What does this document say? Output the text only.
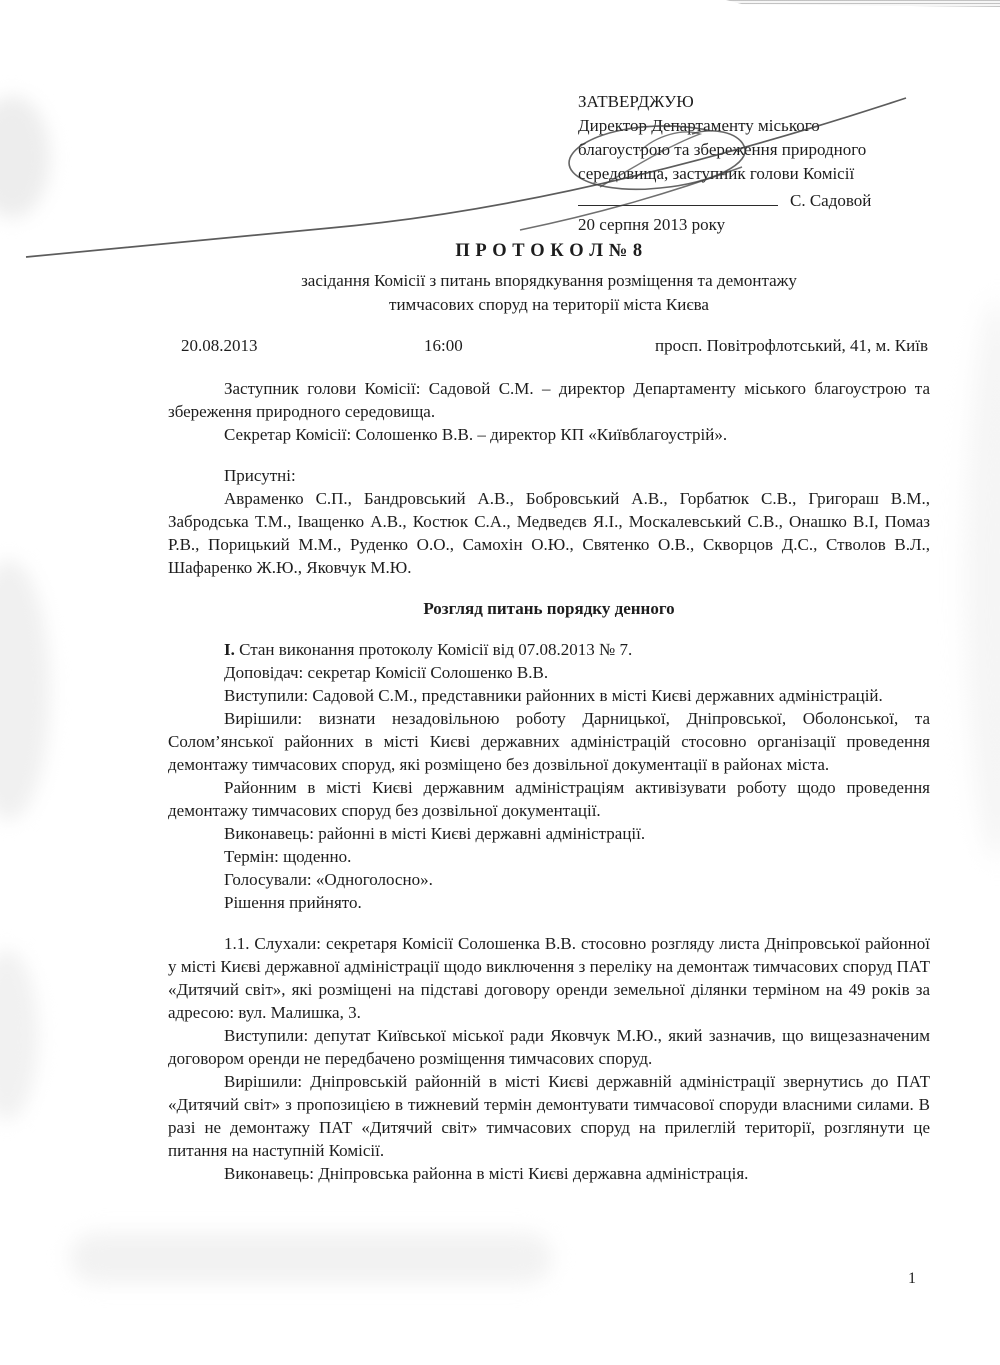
ЗАТВЕРДЖУЮ
Директор Департаменту міського
благоустрою та збереження природного
середовища, заступник голови Комісії
С. Садовой
20 серпня 2013 року
П Р О Т О К О Л № 8
засідання Комісії з питань впорядкування розміщення та демонтажу
тимчасових споруд на території міста Києва
20.08.2013	16:00	просп. Повітрофлотський, 41, м. Київ

Заступник голови Комісії: Садовой С.М. – директор Департаменту міського благоустрою та збереження природного середовища.

Секретар Комісії: Солошенко В.В. – директор КП «Київблагоустрій».

Присутні:

Авраменко С.П., Бандровський А.В., Бобровський А.В., Горбатюк С.В., Григораш В.М., Забродська Т.М., Іващенко А.В., Костюк С.А., Медведєв Я.І., Москалевський С.В., Онашко В.І, Помаз Р.В., Порицький М.М., Руденко О.О., Самохін О.Ю., Святенко О.В., Скворцов Д.С., Стволов В.Л., Шафаренко Ж.Ю., Яковчук М.Ю.

Розгляд питань порядку денного

I. Стан виконання протоколу Комісії від 07.08.2013 № 7.

Доповідач: секретар Комісії Солошенко В.В.

Виступили: Садовой С.М., представники районних в місті Києві державних адміністрацій.

Вирішили: визнати незадовільною роботу Дарницької, Дніпровської, Оболонської, та Солом’янської районних в місті Києві державних адміністрацій стосовно організації проведення демонтажу тимчасових споруд, які розміщено без дозвільної документації в районах міста.

Районним в місті Києві державним адміністраціям активізувати роботу щодо проведення демонтажу тимчасових споруд без дозвільної документації.

Виконавець: районні в місті Києві державні адміністрації.

Термін: щоденно.

Голосували: «Одноголосно».

Рішення прийнято.

1.1. Слухали: секретаря Комісії Солошенка В.В. стосовно розгляду листа Дніпровської районної у місті Києві державної адміністрації щодо виключення з переліку на демонтаж тимчасових споруд ПАТ «Дитячий світ», які розміщені на підставі договору оренди земельної ділянки терміном на 49 років за адресою: вул. Малишка, 3.

Виступили: депутат Київської міської ради Яковчук М.Ю., який зазначив, що вищезазначеним договором оренди не передбачено розміщення тимчасових споруд.

Вирішили: Дніпровській районній в місті Києві державній адміністрації звернутись до ПАТ «Дитячий світ» з пропозицією в тижневий термін демонтувати тимчасової споруди власними силами. В разі не демонтажу ПАТ «Дитячий світ» тимчасових споруд на прилеглій території, розглянути це питання на наступній Комісії.

Виконавець: Дніпровська районна в місті Києві державна адміністрація.

1
